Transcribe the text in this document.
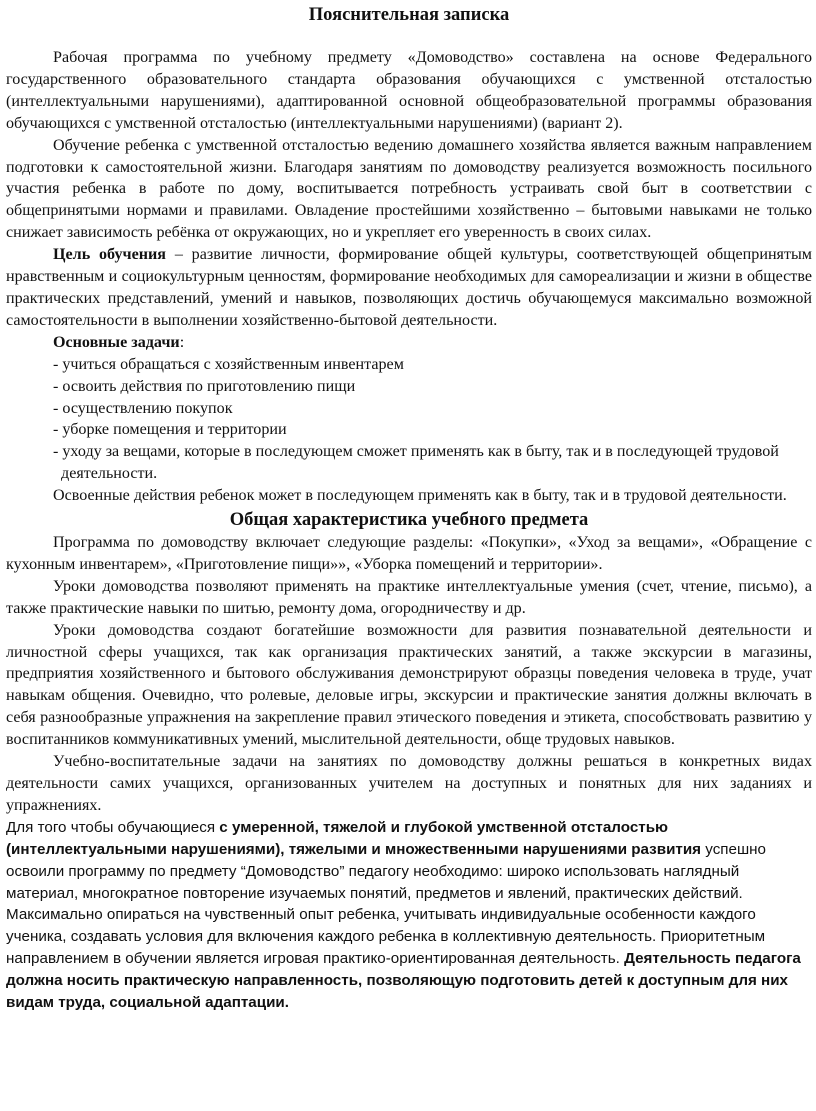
Пояснительная записка

Рабочая программа по учебному предмету «Домоводство» составлена на основе Федерального государственного образовательного стандарта образования обучающихся с умственной отсталостью (интеллектуальными нарушениями), адаптированной основной общеобразовательной программы образования обучающихся с умственной отсталостью (интеллектуальными нарушениями) (вариант 2).

Обучение ребенка с умственной отсталостью ведению домашнего хозяйства является важным направлением подготовки к самостоятельной жизни. Благодаря занятиям по домоводству реализуется возможность посильного участия ребенка в работе по дому, воспитывается потребность устраивать свой быт в соответствии с общепринятыми нормами и правилами. Овладение простейшими хозяйственно – бытовыми навыками не только снижает зависимость ребёнка от окружающих, но и укрепляет его уверенность в своих силах.

Цель обучения – развитие личности, формирование общей культуры, соответствующей общепринятым нравственным и социокультурным ценностям, формирование необходимых для самореализации и жизни в обществе практических представлений, умений и навыков, позволяющих достичь обучающемуся максимально возможной самостоятельности в выполнении хозяйственно-бытовой деятельности.

Основные задачи:
- учиться обращаться с хозяйственным инвентарем
- освоить действия по приготовлению пищи
- осуществлению покупок
- уборке помещения и территории
- уходу за вещами, которые в последующем сможет применять как в быту, так и в последующей трудовой деятельности.

Освоенные действия ребенок может в последующем применять как в быту, так и в трудовой деятельности.

Общая характеристика учебного предмета

Программа по домоводству включает следующие разделы: «Покупки», «Уход за вещами», «Обращение с кухонным инвентарем», «Приготовление пищи»», «Уборка помещений и территории».

Уроки домоводства позволяют применять на практике интеллектуальные умения (счет, чтение, письмо), а также практические навыки по шитью, ремонту дома, огородничеству и др.

Уроки домоводства создают богатейшие возможности для развития познавательной деятельности и личностной сферы учащихся, так как организация практических занятий, а также экскурсии в магазины, предприятия хозяйственного и бытового обслуживания демонстрируют образцы поведения человека в труде, учат навыкам общения. Очевидно, что ролевые, деловые игры, экскурсии и практические занятия должны включать в себя разнообразные упражнения на закрепление правил этического поведения и этикета, способствовать развитию у воспитанников коммуникативных умений, мыслительной деятельности, обще трудовых навыков.

Учебно-воспитательные задачи на занятиях по домоводству должны решаться в конкретных видах деятельности самих учащихся, организованных учителем на доступных и понятных для них заданиях и упражнениях.

Для того чтобы обучающиеся с умеренной, тяжелой и глубокой умственной отсталостью (интеллектуальными нарушениями), тяжелыми и множественными нарушениями развития успешно освоили программу по предмету “Домоводство” педагогу необходимо: широко использовать наглядный материал, многократное повторение изучаемых понятий, предметов и явлений, практических действий. Максимально опираться на чувственный опыт ребенка, учитывать индивидуальные особенности каждого ученика, создавать условия для включения каждого ребенка в коллективную деятельность. Приоритетным направлением в обучении является игровая практико-ориентированная деятельность. Деятельность педагога должна носить практическую направленность, позволяющую подготовить детей к доступным для них видам труда, социальной адаптации.
